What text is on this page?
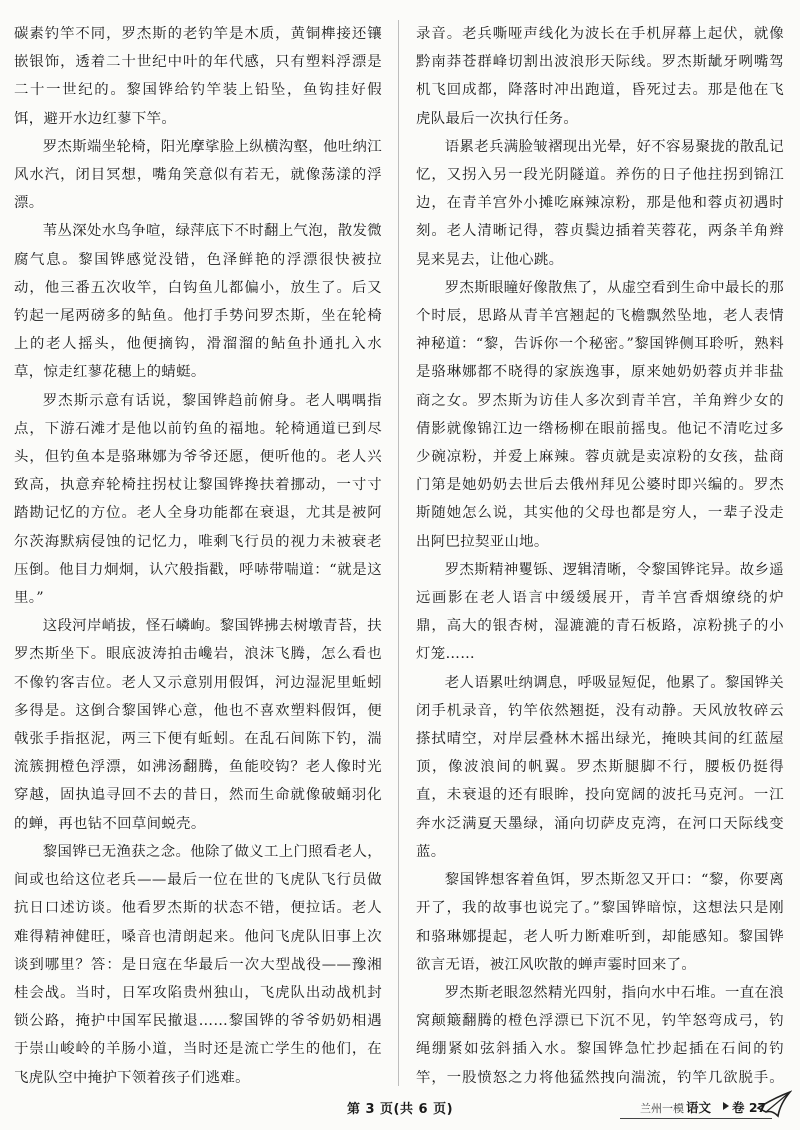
碳素钓竿不同，罗杰斯的老钓竿是木质，黄铜榫接还镶嵌银饰，透着二十世纪中叶的年代感，只有塑料浮漂是二十一世纪的。黎国铧给钓竿装上铅坠，鱼钩挂好假饵，避开水边红蓼下竿。

罗杰斯端坐轮椅，阳光摩挲脸上纵横沟壑，他吐纳江风水汽，闭目冥想，嘴角笑意似有若无，就像荡漾的浮漂。

苇丛深处水鸟争喧，绿萍底下不时翻上气泡，散发微腐气息。黎国铧感觉没错，色泽鲜艳的浮漂很快被拉动，他三番五次收竿，白钩鱼儿都偏小，放生了。后又钓起一尾两磅多的鲇鱼。他打手势问罗杰斯，坐在轮椅上的老人摇头，他便摘钩，滑溜溜的鲇鱼扑通扎入水草，惊走红蓼花穗上的蜻蜓。

罗杰斯示意有话说，黎国铧趋前俯身。老人喁喁指点，下游石滩才是他以前钓鱼的福地。轮椅通道已到尽头，但钓鱼本是骆琳娜为爷爷还愿，便听他的。老人兴致高，执意弃轮椅拄拐杖让黎国铧搀扶着挪动，一寸寸踏勘记忆的方位。老人全身功能都在衰退，尤其是被阿尔茨海默病侵蚀的记忆力，唯剩飞行员的视力未被衰老压倒。他目力炯炯，认穴般指戳，呼哧带喘道：“就是这里。”

这段河岸峭拔，怪石嶙峋。黎国铧拂去树墩青苔，扶罗杰斯坐下。眼底波涛拍击巉岩，浪沫飞腾，怎么看也不像钓客吉位。老人又示意别用假饵，河边湿泥里蚯蚓多得是。这倒合黎国铧心意，他也不喜欢塑料假饵，便戟张手指抠泥，两三下便有蚯蚓。在乱石间陈下钓，湍流簇拥橙色浮漂，如沸汤翻腾，鱼能咬钩？老人像时光穿越，固执追寻回不去的昔日，然而生命就像破蛹羽化的蝉，再也钻不回草间蜕壳。

黎国铧已无渔获之念。他除了做义工上门照看老人，间或也给这位老兵——最后一位在世的飞虎队飞行员做抗日口述访谈。他看罗杰斯的状态不错，便拉话。老人难得精神健旺，嗓音也清朗起来。他问飞虎队旧事上次谈到哪里？答：是日寇在华最后一次大型战役——豫湘桂会战。当时，日军攻陷贵州独山，飞虎队出动战机封锁公路，掩护中国军民撤退……黎国铧的爷爷奶奶相遇于崇山峻岭的羊肠小道，当时还是流亡学生的他们，在飞虎队空中掩护下领着孩子们逃难。

录音。老兵嘶哑声线化为波长在手机屏幕上起伏，就像黔南莽苍群峰切割出波浪形天际线。罗杰斯龇牙咧嘴驾机飞回成都，降落时冲出跑道，昏死过去。那是他在飞虎队最后一次执行任务。

语累老兵满脸皱褶现出光晕，好不容易聚拢的散乱记忆，又拐入另一段光阴隧道。养伤的日子他拄拐到锦江边，在青羊宫外小摊吃麻辣凉粉，那是他和蓉贞初遇时刻。老人清晰记得，蓉贞鬓边插着芙蓉花，两条羊角辫晃来晃去，让他心跳。

罗杰斯眼瞳好像散焦了，从虚空看到生命中最长的那个时辰，思路从青羊宫翘起的飞檐飘然坠地，老人表情神秘道：“黎，告诉你一个秘密。”黎国铧侧耳聆听，熟料是骆琳娜都不晓得的家族逸事，原来她奶奶蓉贞并非盐商之女。罗杰斯为访佳人多次到青羊宫，羊角辫少女的倩影就像锦江边一绺杨柳在眼前摇曳。他记不清吃过多少碗凉粉，并爱上麻辣。蓉贞就是卖凉粉的女孩，盐商门第是她奶奶去世后去俄州拜见公婆时即兴编的。罗杰斯随她怎么说，其实他的父母也都是穷人，一辈子没走出阿巴拉契亚山地。

罗杰斯精神矍铄、逻辑清晰，令黎国铧诧异。故乡遥远画影在老人语言中缓缓展开，青羊宫香烟缭绕的炉鼎，高大的银杏树，湿漉漉的青石板路，凉粉挑子的小灯笼……

老人语累吐纳调息，呼吸显短促，他累了。黎国铧关闭手机录音，钓竿依然翘挺，没有动静。天风放牧碎云搽拭晴空，对岸层叠林木摇出绿光，掩映其间的红蓝屋顶，像波浪间的帆翼。罗杰斯腿脚不行，腰板仍挺得直，未衰退的还有眼眸，投向宽阔的波托马克河。一江奔水泛满夏天墨绿，涌向切萨皮克湾，在河口天际线变蓝。

黎国铧想客着鱼饵，罗杰斯忽又开口：“黎，你要离开了，我的故事也说完了。”黎国铧暗惊，这想法只是刚和骆琳娜提起，老人听力断难听到，却能感知。黎国铧欲言无语，被江风吹散的蝉声霎时回来了。

罗杰斯老眼忽然精光四射，指向水中石堆。一直在浪窝颠簸翻腾的橙色浮漂已下沉不见，钓竿怒弯成弓，钓绳绷紧如弦斜插入水。黎国铧急忙抄起插在石间的钓竿，一股愤怒之力将他猛然拽向湍流，钓竿几欲脱手。

第 3 页(共 6 页)	兰州一模 语文 卷 27
